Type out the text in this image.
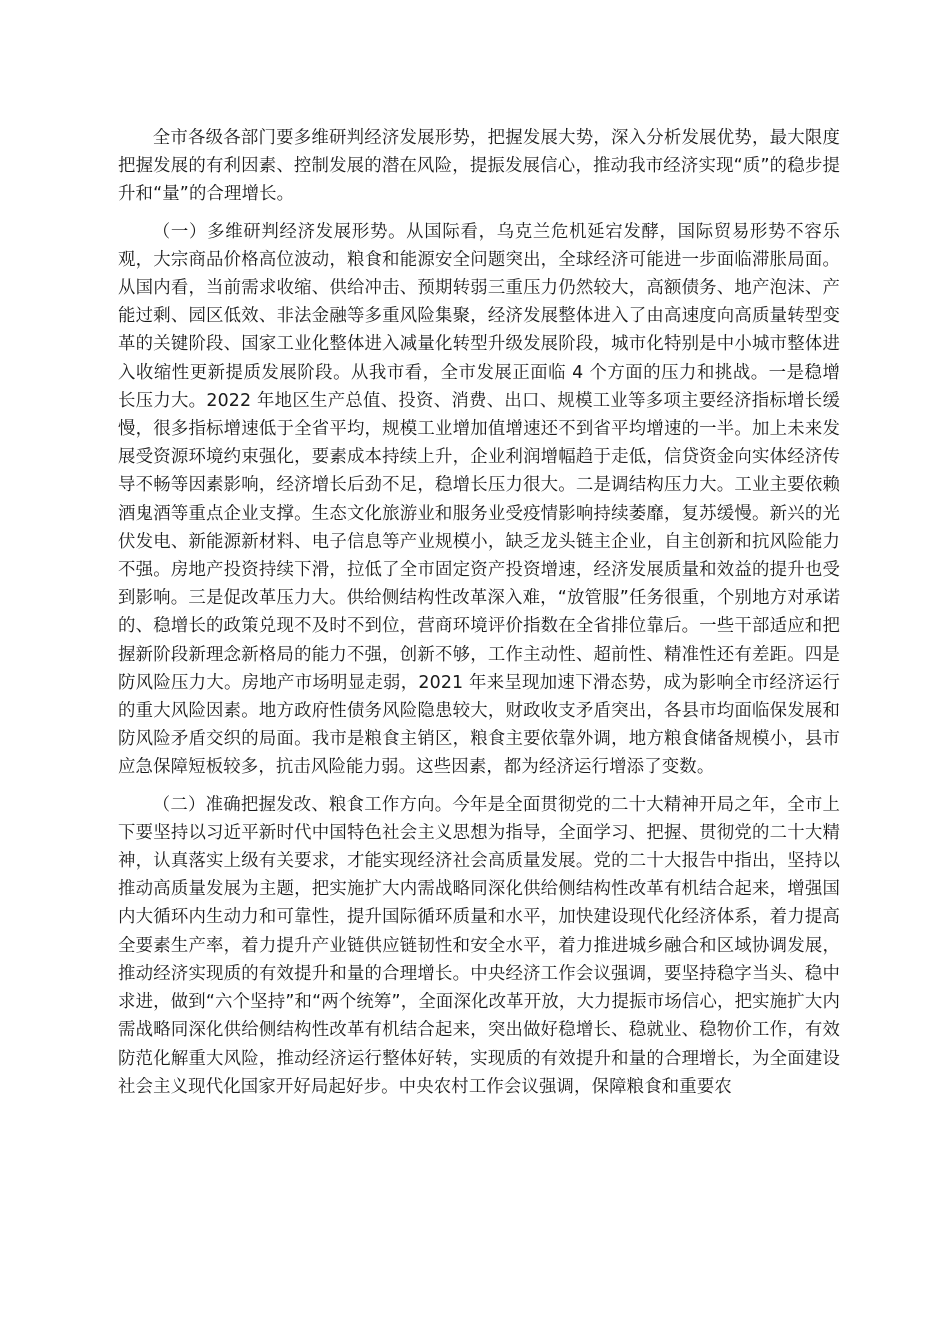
全市各级各部门要多维研判经济发展形势，把握发展大势，深入分析发展优势，最大限度把握发展的有利因素、控制发展的潜在风险，提振发展信心，推动我市经济实现“质”的稳步提升和“量”的合理增长。

（一）多维研判经济发展形势。从国际看，乌克兰危机延宕发酵，国际贸易形势不容乐观，大宗商品价格高位波动，粮食和能源安全问题突出，全球经济可能进一步面临滞胀局面。从国内看，当前需求收缩、供给冲击、预期转弱三重压力仍然较大，高额债务、地产泡沫、产能过剩、园区低效、非法金融等多重风险集聚，经济发展整体进入了由高速度向高质量转型变革的关键阶段、国家工业化整体进入减量化转型升级发展阶段，城市化特别是中小城市整体进入收缩性更新提质发展阶段。从我市看，全市发展正面临 4 个方面的压力和挑战。一是稳增长压力大。2022 年地区生产总值、投资、消费、出口、规模工业等多项主要经济指标增长缓慢，很多指标增速低于全省平均，规模工业增加值增速还不到省平均增速的一半。加上未来发展受资源环境约束强化，要素成本持续上升，企业利润增幅趋于走低，信贷资金向实体经济传导不畅等因素影响，经济增长后劲不足，稳增长压力很大。二是调结构压力大。工业主要依赖酒鬼酒等重点企业支撑。生态文化旅游业和服务业受疫情影响持续萎靡，复苏缓慢。新兴的光伏发电、新能源新材料、电子信息等产业规模小，缺乏龙头链主企业，自主创新和抗风险能力不强。房地产投资持续下滑，拉低了全市固定资产投资增速，经济发展质量和效益的提升也受到影响。三是促改革压力大。供给侧结构性改革深入难，“放管服”任务很重，个别地方对承诺的、稳增长的政策兑现不及时不到位，营商环境评价指数在全省排位靠后。一些干部适应和把握新阶段新理念新格局的能力不强，创新不够，工作主动性、超前性、精准性还有差距。四是防风险压力大。房地产市场明显走弱，2021 年来呈现加速下滑态势，成为影响全市经济运行的重大风险因素。地方政府性债务风险隐患较大，财政收支矛盾突出，各县市均面临保发展和防风险矛盾交织的局面。我市是粮食主销区，粮食主要依靠外调，地方粮食储备规模小，县市应急保障短板较多，抗击风险能力弱。这些因素，都为经济运行增添了变数。

（二）准确把握发改、粮食工作方向。今年是全面贯彻党的二十大精神开局之年，全市上下要坚持以习近平新时代中国特色社会主义思想为指导，全面学习、把握、贯彻党的二十大精神，认真落实上级有关要求，才能实现经济社会高质量发展。党的二十大报告中指出，坚持以推动高质量发展为主题，把实施扩大内需战略同深化供给侧结构性改革有机结合起来，增强国内大循环内生动力和可靠性，提升国际循环质量和水平，加快建设现代化经济体系，着力提高全要素生产率，着力提升产业链供应链韧性和安全水平，着力推进城乡融合和区域协调发展，推动经济实现质的有效提升和量的合理增长。中央经济工作会议强调，要坚持稳字当头、稳中求进，做到“六个坚持”和“两个统筹”，全面深化改革开放，大力提振市场信心，把实施扩大内需战略同深化供给侧结构性改革有机结合起来，突出做好稳增长、稳就业、稳物价工作，有效防范化解重大风险，推动经济运行整体好转，实现质的有效提升和量的合理增长，为全面建设社会主义现代化国家开好局起好步。中央农村工作会议强调，保障粮食和重要农
